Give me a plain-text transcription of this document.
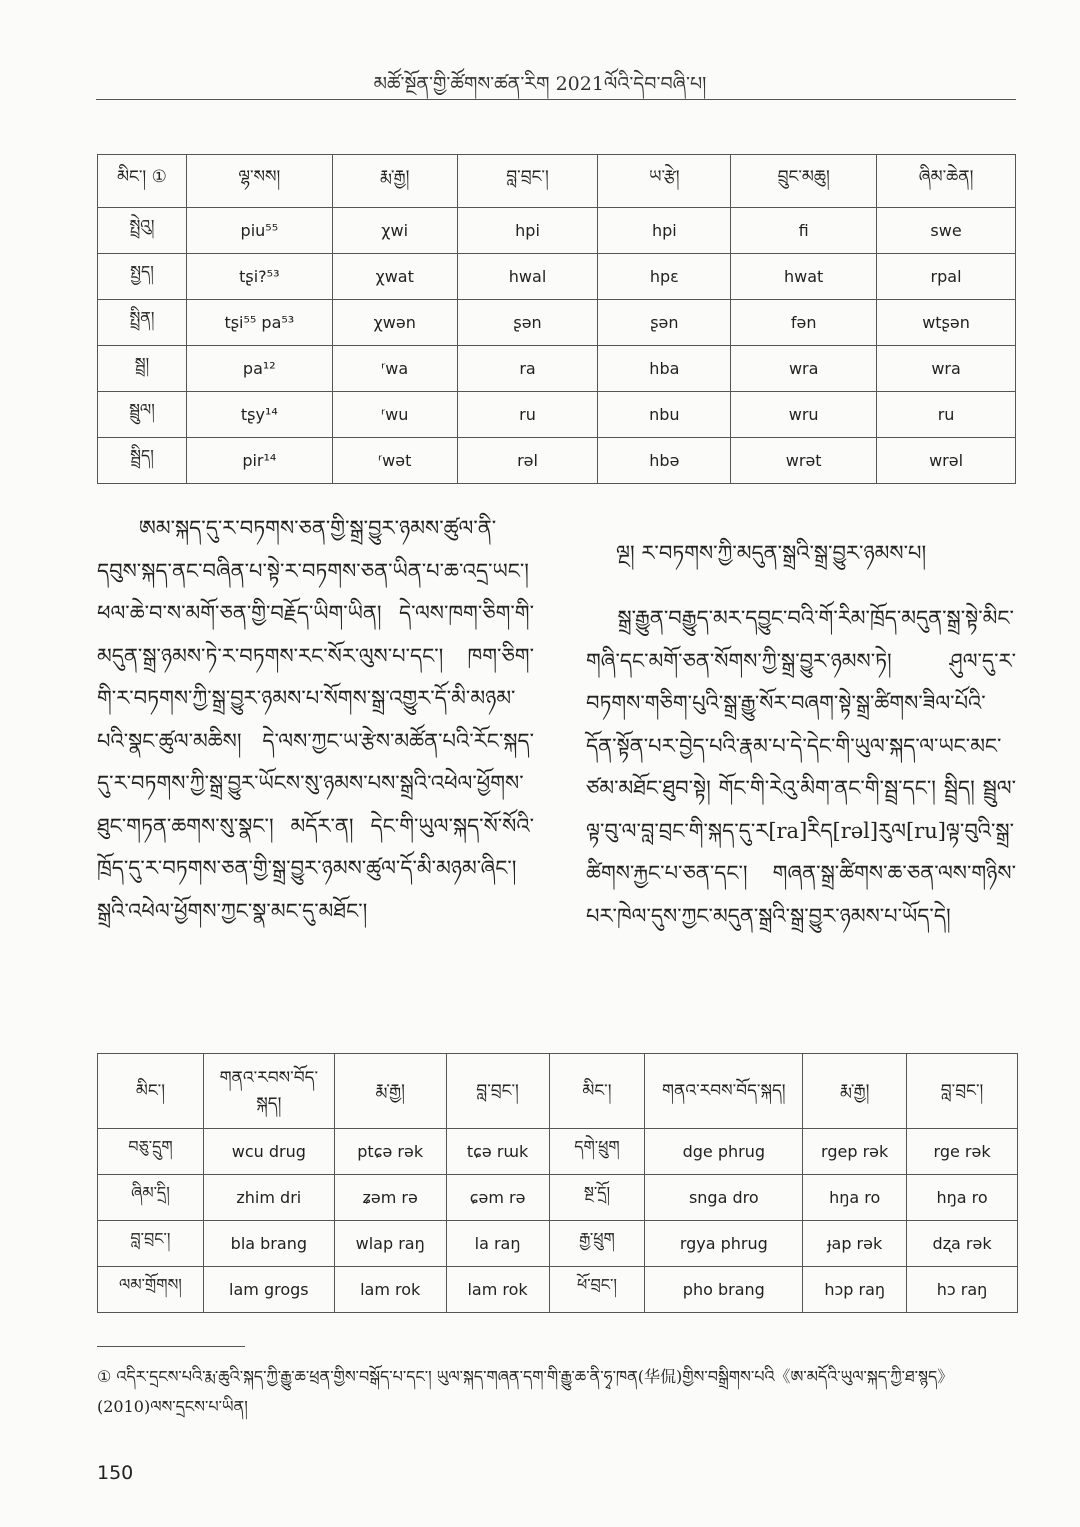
མཚོ་སྔོན་གྱི་ཚོགས་ཚན་རིག 2021ལོའི་དེབ་བཞི་པ།
མིང་། ①	ལྷ་སས།	རྨ་རྒྱ།	བླ་བྲང་།	ཡ་རྩེ།	བྲུང་མཆུ།	ཞིམ་ཆེན།
སྤྲེའུ།	piu⁵⁵	χwi	hpi	hpi	fi	swe
སྤྱད།	tʂi?⁵³	χwat	hwal	hpɛ	hwat	rpal
སྤྲིན།	tʂi⁵⁵ pa⁵³	χwən	ʂən	ʂən	fən	wtʂən
སྦྲ།	pa¹²	ʳwa	ra	hba	wra	wra
སྦྲུལ།	tʂy¹⁴	ʳwu	ru	nbu	wru	ru
སྦྲིད།	pir¹⁴	ʳwət	rəl	hbə	wrət	wrəl
ཨམ་སྐད་དུ་ར་བཏགས་ཅན་གྱི་སྒྲ་བྱུར་ཉམས་ཚུལ་ནི་དབུས་སྐད་ནང་བཞིན་པ་སྟེ་ར་བཏགས་ཅན་ཡིན་པ་ཆ་འདྲ་ཡང་། ཕལ་ཆེ་བ་ས་མགོ་ཅན་གྱི་བརྗོད་ཡིག་ཡིན། དེ་ལས་ཁག་ཅིག་གི་མདུན་སྒྲ་ཉམས་ཏེ་ར་བཏགས་རང་སོར་ལུས་པ་དང་། ཁག་ཅིག་གི་ར་བཏགས་ཀྱི་སྒྲ་བྱུར་ཉམས་པ་སོགས་སྒྲ་འགྱུར་དོ་མི་མཉམ་པའི་སྣང་ཚུལ་མཆིས། དེ་ལས་ཀྱང་ཡ་རྩེས་མཚོན་པའི་རོང་སྐད་དུ་ར་བཏགས་ཀྱི་སྒྲ་བྱུར་ཡོངས་སུ་ཉམས་པས་སྒྲའི་འཕེལ་ཕྱོགས་ཐུང་གཏན་ཆགས་སུ་སྣང་། མདོར་ན། དེང་གི་ཡུལ་སྐད་སོ་སོའི་ཁྲོད་དུ་ར་བཏགས་ཅན་གྱི་སྒྲ་བྱུར་ཉམས་ཚུལ་དོ་མི་མཉམ་ཞིང་། སྒྲའི་འཕེལ་ཕྱོགས་ཀྱང་སྣ་མང་དུ་མཐོང་།
ལྔ། ར་བཏགས་ཀྱི་མདུན་སྒྲའི་སྒྲ་བྱུར་ཉམས་པ།
སྒྲ་རྒྱུན་བརྒྱུད་མར་དབྱུང་བའི་གོ་རིམ་ཁྲོད་མདུན་སྒྲ་སྟེ་མིང་གཞི་དང་མགོ་ཅན་སོགས་ཀྱི་སྒྲ་བྱུར་ཉམས་ཏེ། ཤུལ་དུ་ར་བཏགས་གཅིག་པུའི་སྒྲ་རྒྱུ་སོར་བཞག་སྟེ་སྒྲ་ཚིགས་ཟིལ་པོའི་དོན་སྟོན་པར་བྱེད་པའི་རྣམ་པ་དེ་དེང་གི་ཡུལ་སྐད་ལ་ཡང་མང་ཙམ་མཐོང་ཐུབ་སྟེ། གོང་གི་རེའུ་མིག་ནང་གི་སྦྲ་དང་། སྦྲིད། སྦྲུལ་ལྟ་བུ་ལ་བླ་བྲང་གི་སྐད་དུ་ར[ra]རིད[rəl]རུལ[ru]ལྟ་བུའི་སྒྲ་ཚིགས་རྐྱང་པ་ཅན་དང་། གཞན་སྒྲ་ཚིགས་ཆ་ཅན་ལས་གཉིས་པར་ཁེལ་དུས་ཀྱང་མདུན་སྒྲའི་སྒྲ་བྱུར་ཉམས་པ་ཡོད་དེ།
མིང་།	གནའ་རབས་བོད་སྐད།	རྨ་རྒྱ།	བླ་བྲང་།	མིང་།	གནའ་རབས་བོད་སྐད།	རྨ་རྒྱ།	བླ་བྲང་།
བཅུ་དྲུག	wcu drug	ptɕə rək	tɕə rɯk	དགེ་ཕྲུག	dge phrug	rgep rək	rge rək
ཞིམ་དྲི།	zhim dri	ʑəm rə	ɕəm rə	སྔ་དྲོ།	snga dro	hŋa ro	hŋa ro
བླ་བྲང་།	bla brang	wlap raŋ	la raŋ	རྒྱ་ཕྲུག	rgya phrug	ɟap rək	dʐa rək
ལམ་གྲོགས།	lam grogs	lam rok	lam rok	ཕོ་བྲང་།	pho brang	hɔp raŋ	hɔ raŋ
① འདིར་དྲངས་པའི་རྨ་ཆུའི་སྐད་ཀྱི་རྒྱུ་ཆ་ཕྲན་གྱིས་བསྒོད་པ་དང་། ཡུལ་སྐད་གཞན་དག་གི་རྒྱུ་ཆ་ནི་ཧྭ་ཁན(华侃)གྱིས་བསྒྲིགས་པའི《ཨ་མདོའི་ཡུལ་སྐད་ཀྱི་ཐ་སྙད》(2010)ལས་དྲངས་པ་ཡིན།
150
